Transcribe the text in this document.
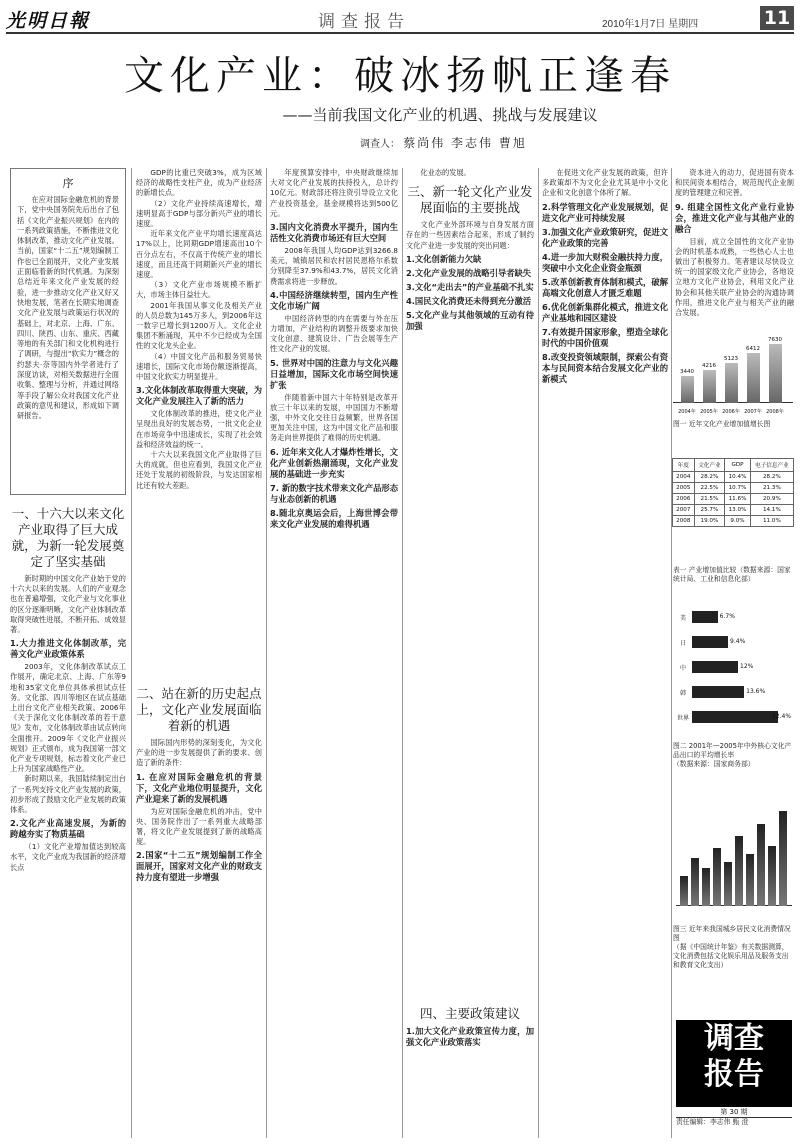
光明日報	调查报告	2010年1月7日 星期四	11
文化产业：破冰扬帆正逢春
——当前我国文化产业的机遇、挑战与发展建议
调查人： 蔡尚伟 李志伟 曹旭
序
在应对国际金融危机的背景下，党中央国务院先后出台了包括《文化产业振兴规划》在内的一系列政策措施，不断推进文化体制改革，推动文化产业发展。当前，国家“十二五”规划编制工作也已全面展开，文化产业发展正面临着新的时代机遇。为深刻总结近年来文化产业发展的经验，进一步推动文化产业又好又快地发展，笔者在长期实地调查文化产业发展与政策运行状况的基础上，对北京、上海、广东、四川、陕西、山东、重庆、西藏等地的有关部门和文化机构进行了调研，与提出“软实力”概念的约瑟夫·奈等国内外学者进行了深度访谈，对相关数据进行全面收集、整理与分析，并通过网络等手段了解公众对我国文化产业政策的意见和建议，形成如下调研报告。
一、十六大以来文化产业取得了巨大成就，为新一轮发展奠定了坚实基础

新时期的中国文化产业始于党的十六大以来的发展。人们的产业观念也在普遍增强，文化产业与文化事业的区分逐渐明晰，文化产业体制改革取得突破性进展，不断开拓、成效显著。

1.大力推进文化体制改革，完善文化产业政策体系

2003年，文化体制改革试点工作展开，确定北京、上海、广东等9地和35家文化单位具体承担试点任务。文化部、四川等地区在试点基础上出台文化产业相关政策。2006年《关于深化文化体制改革的若干意见》发布，文化体制改革由试点转向全面推开。2009年《文化产业振兴规划》正式颁布，成为我国第一部文化产业专项规划，标志着文化产业已上升为国家战略性产业。

新时期以来，我国陆续制定出台了一系列支持文化产业发展的政策，初步形成了鼓励文化产业发展的政策体系。

2.文化产业高速发展，为新的跨越夯实了物质基础

（1）文化产业增加值达到较高水平，文化产业成为我国新的经济增长点

GDP的比重已突破3%，成为区域经济的战略性支柱产业，成为产业经济的新增长点。

（2）文化产业持续高速增长，增速明显高于GDP与部分新兴产业的增长速度。

近年来文化产业平均增长速度高达17%以上，比同期GDP增速高出10个百分点左右，不仅高于传统产业的增长速度，而且还高于同期新兴产业的增长速度。

（3）文化产业市场规模不断扩大，市场主体日益壮大。

2001年我国从事文化及相关产业的人员总数为145万多人，到2006年这一数字已增长到1200万人。文化企业集团不断涌现，其中不少已经成为全国性的文化龙头企业。

（4）中国文化产品和服务贸易快速增长，国际文化市场份额逐渐提高，中国文化软实力明显提升。

3.文化体制改革取得重大突破，为文化产业发展注入了新的活力

文化体制改革的推进，使文化产业呈现出良好的发展态势，一批文化企业在市场竞争中迅速成长，实现了社会效益和经济效益的统一。

十六大以来我国文化产业取得了巨大的成就，但也应看到，我国文化产业还处于发展的初级阶段，与发达国家相比还有较大差距。

二、站在新的历史起点上，文化产业发展面临着新的机遇

国际国内形势的深刻变化，为文化产业的进一步发展提供了新的要求、创造了新的条件：

1. 在应对国际金融危机的背景下，文化产业地位明显提升，文化产业迎来了新的发展机遇

为应对国际金融危机的冲击，党中央、国务院作出了一系列重大战略部署，将文化产业发展提到了新的战略高度。

2.国家“十二五”规划编制工作全面展开，国家对文化产业的财政支持力度有望进一步增强

年度预算安排中，中央财政继续加大对文化产业发展的扶持投入，总计约10亿元。财政部还将注资引导设立文化产业投资基金，基金规模将达到500亿元。

3.国内文化消费水平提升，国内生活性文化消费市场还有巨大空间

2008年我国人均GDP达到3266.8美元，城镇居民和农村居民恩格尔系数分别降至37.9%和43.7%，居民文化消费需求将进一步释放。

4.中国经济继续转型，国内生产性文化市场广阔

中国经济转型的内在需要与外在压力增加，产业结构的调整升级要求加快文化创意、建筑设计、广告会展等生产性文化产业的发展。

5. 世界对中国的注意力与文化兴趣日益增加，国际文化市场空间快速扩张

伴随着新中国六十年特别是改革开放三十年以来的发展，中国国力不断增强，中外文化交往日益频繁，世界各国更加关注中国，这为中国文化产品和服务走向世界提供了难得的历史机遇。

6. 近年来文化人才爆炸性增长，文化产业创新热潮涌现，文化产业发展的基础进一步充实

7. 新的数字技术带来文化产品形态与业态创新的机遇

8.随北京奥运会后，上海世博会带来文化产业发展的难得机遇

化业态的发展。

三、新一轮文化产业发展面临的主要挑战

文化产业外部环境与自身发展方面存在的一些因素结合起来，形成了制约文化产业进一步发展的突出问题：

1.文化创新能力欠缺

2.文化产业发展的战略引导者缺失

3.文化“走出去”的产业基础不扎实

4.国民文化消费还未得到充分激活

5.文化产业与其他领域的互动有待加强

四、主要政策建议

1.加大文化产业政策宣传力度，加强文化产业政策落实

在促进文化产业发展的政策，但许多政策却不为文化企业尤其是中小文化企业和文化创意个体所了解。

2.科学管理文化产业发展规划，促进文化产业可持续发展

3.加强文化产业政策研究，促进文化产业政策的完善

4.进一步加大财税金融扶持力度，突破中小文化企业资金瓶颈

5.改革创新教育体制和模式，破解高端文化创意人才匮乏难题

6.优化创新集群化模式，推进文化产业基地和园区建设

7.有效提升国家形象，塑造全球化时代的中国价值观

8.改变投资领域限制，探索公有资本与民间资本结合发展文化产业的新模式

资本进入的动力，促进国有资本和民间资本相结合，规范现代企业制度的管理建立和完善。

9. 组建全国性文化产业行业协会，推进文化产业与其他产业的融合

目前，成立全国性的文化产业协会的时机基本成熟，一些热心人士也做出了积极努力。笔者建议尽快设立统一的国家级文化产业协会，各地设立地方文化产业协会，利用文化产业协会和其他关联产业协会的沟通协调作用，推进文化产业与相关产业的融合发展。

3440
2004年
4216
2005年
5123
2006年
6412
2007年
7630
2008年
图一 近年文化产业增加值增长图
年度	文化产业	GDP	电子信息产业
2004	28.2%	10.4%	28.2%
2005	22.5%	10.7%	21.3%
2006	21.5%	11.6%	20.9%
2007	25.7%	13.0%	14.1%
2008	19.0%	9.0%	11.0%
表一 产业增加值比较（数据来源：国家统计局、工业和信息化部）
美	6.7%
日	9.4%
中	12%
韩	13.6%
世界	22.4%
图二 2001年—2005年中外核心文化产品出口的平均增长率
（数据来源：国家商务部）
图三 近年来我国城乡居民文化消费情况图
（据《中国统计年鉴》有关数据测算，文化消费包括文化娱乐用品及服务支出和教育文化支出）
调查
报告
第 30 期
责任编辑：李志伟 甄 澄
